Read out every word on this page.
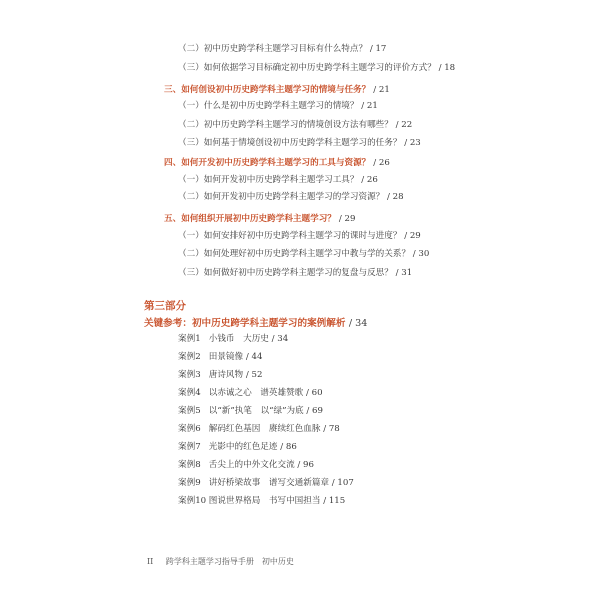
（二）初中历史跨学科主题学习目标有什么特点？ / 17
（三）如何依据学习目标确定初中历史跨学科主题学习的评价方式？ / 18
三、如何创设初中历史跨学科主题学习的情境与任务？ / 21
（一）什么是初中历史跨学科主题学习的情境？ / 21
（二）初中历史跨学科主题学习的情境创设方法有哪些？ / 22
（三）如何基于情境创设初中历史跨学科主题学习的任务？ / 23
四、如何开发初中历史跨学科主题学习的工具与资源？ / 26
（一）如何开发初中历史跨学科主题学习工具？ / 26
（二）如何开发初中历史跨学科主题学习的学习资源？ / 28
五、如何组织开展初中历史跨学科主题学习？ / 29
（一）如何安排好初中历史跨学科主题学习的课时与进度？ / 29
（二）如何处理好初中历史跨学科主题学习中教与学的关系？ / 30
（三）如何做好初中历史跨学科主题学习的复盘与反思？ / 31
第三部分
关键参考：初中历史跨学科主题学习的案例解析 / 34
案例1 小钱币　大历史 / 34
案例2 田景镜像 / 44
案例3 唐诗风物 / 52
案例4 以赤诚之心　谱英雄赞歌 / 60
案例5 以“新”执笔　以“绿”为底 / 69
案例6 解码红色基因　赓续红色血脉 / 78
案例7 光影中的红色足迹 / 86
案例8 舌尖上的中外文化交流 / 96
案例9 讲好桥梁故事　谱写交通新篇章 / 107
案例10 图说世界格局　书写中国担当 / 115
II 跨学科主题学习指导手册　初中历史
